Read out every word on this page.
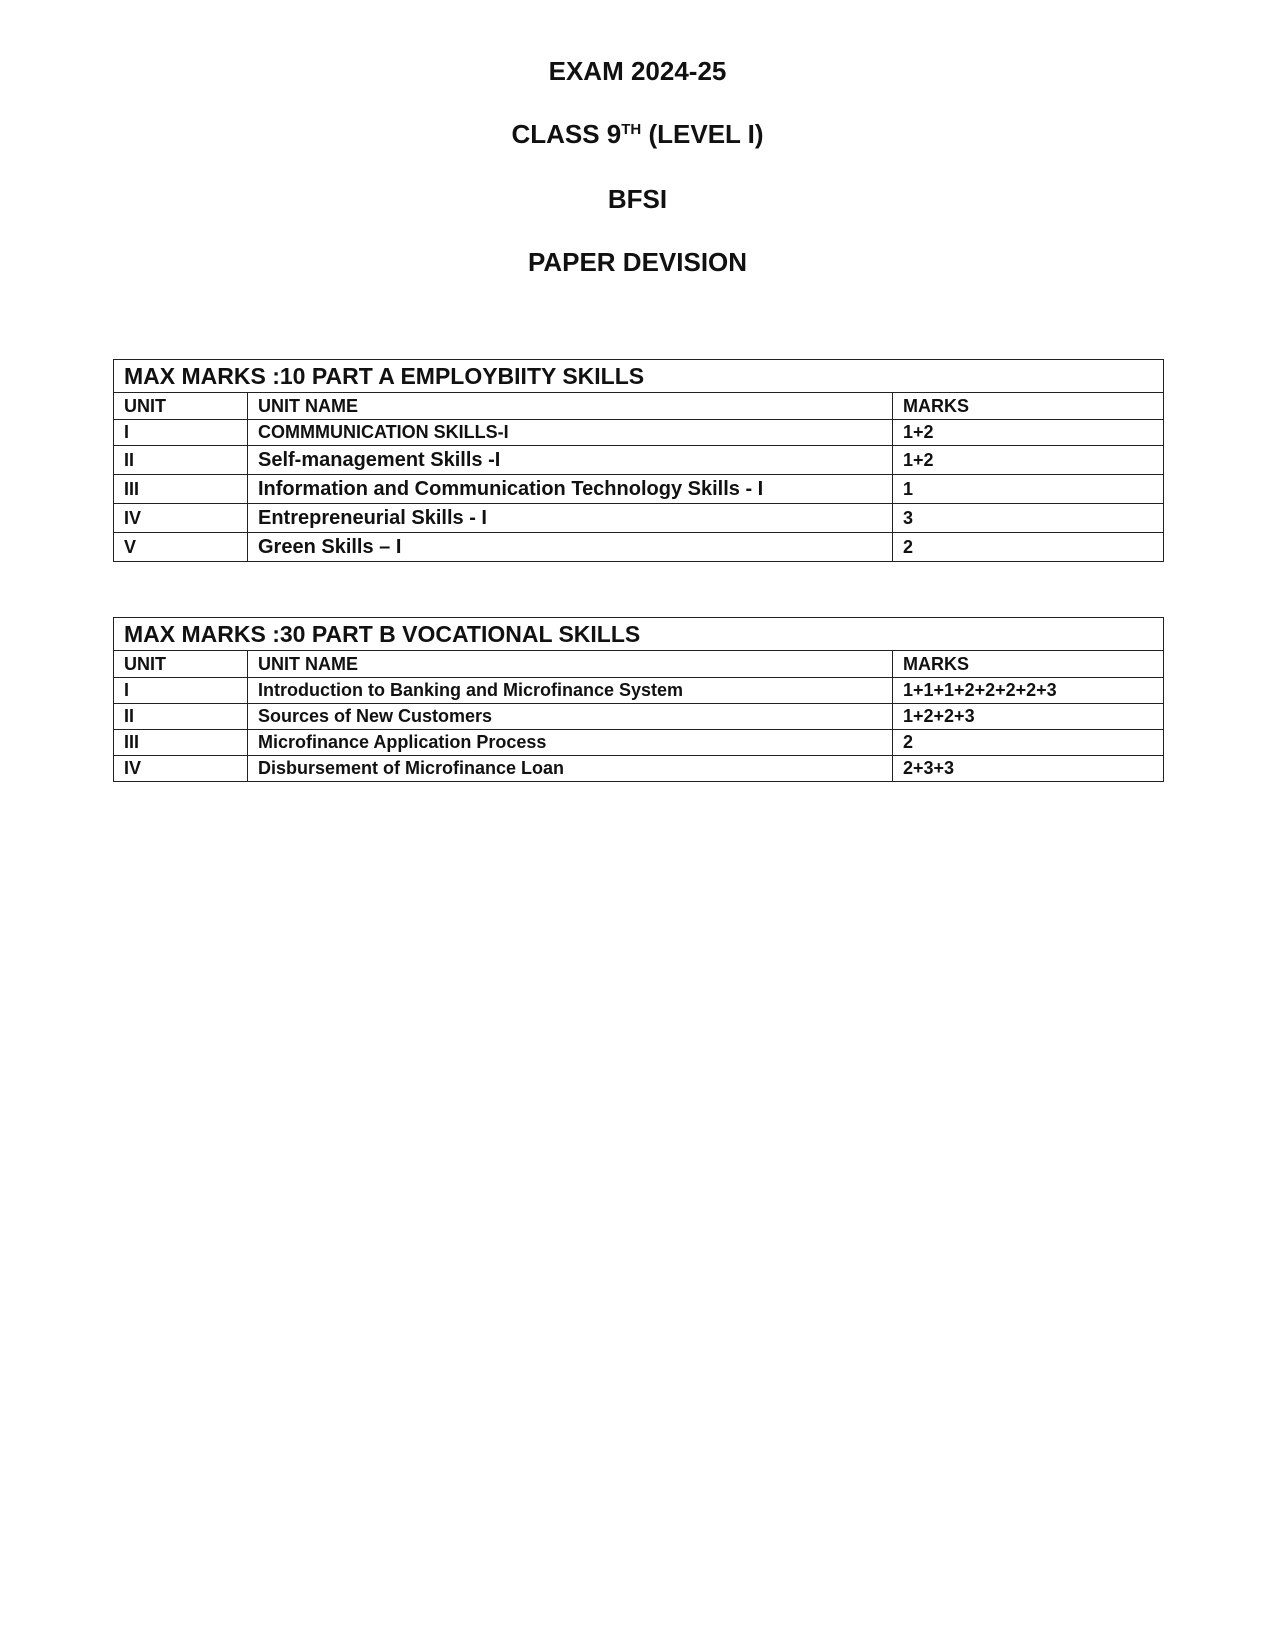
EXAM 2024-25
CLASS 9TH (LEVEL I)
BFSI
PAPER DEVISION
MAX MARKS :10 PART A EMPLOYBIITY SKILLS		
UNIT	UNIT NAME	MARKS
I	COMMMUNICATION SKILLS-I	1+2
II	Self-management Skills -I	1+2
III	Information and Communication Technology Skills - I	1
IV	Entrepreneurial Skills - I	3
V	Green Skills – I	2
MAX MARKS :30 PART B VOCATIONAL SKILLS		
UNIT	UNIT NAME	MARKS
I	Introduction to Banking and Microfinance System	1+1+1+2+2+2+2+3
II	Sources of New Customers	1+2+2+3
III	Microfinance Application Process	2
IV	Disbursement of Microfinance Loan	2+3+3
